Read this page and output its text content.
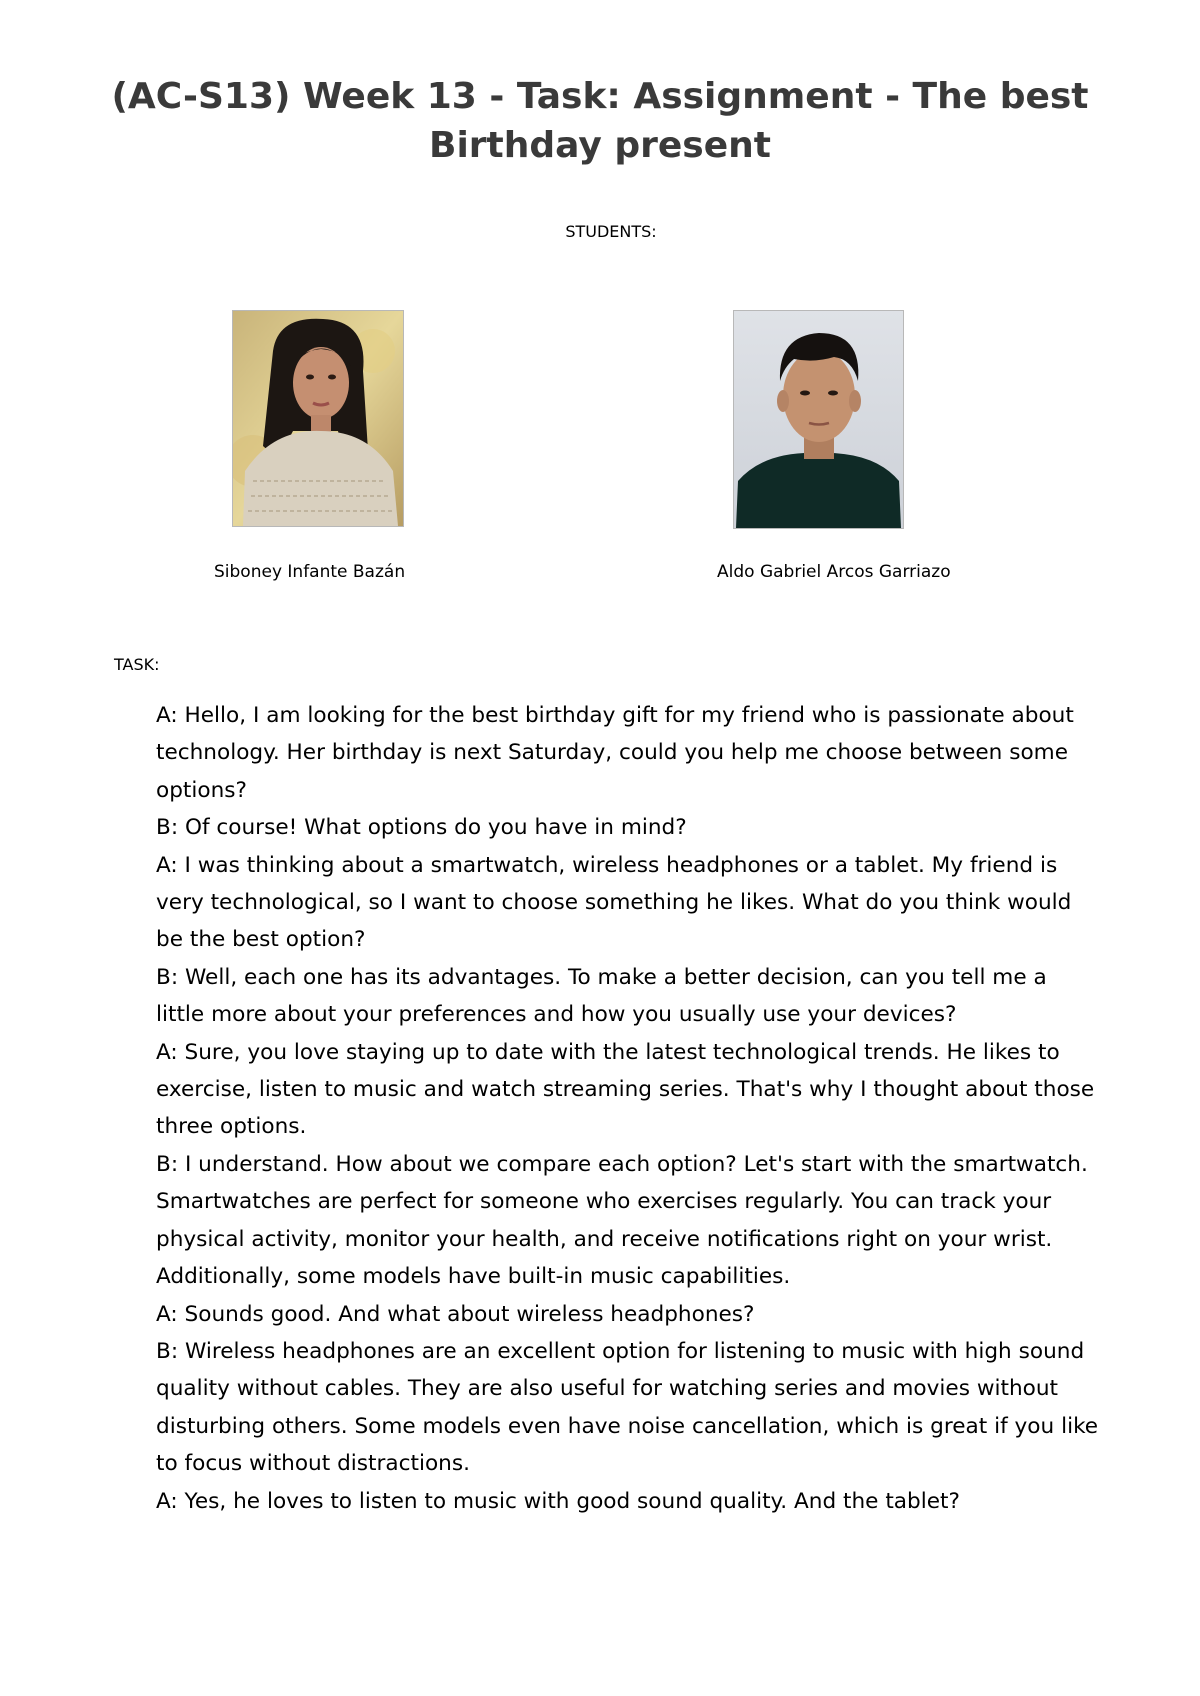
(AC-S13) Week 13 - Task: Assignment - The best Birthday present
STUDENTS:
Siboney Infante Bazán	Aldo Gabriel Arcos Garriazo
TASK:

A: Hello, I am looking for the best birthday gift for my friend who is passionate about technology. Her birthday is next Saturday, could you help me choose between some options?

B: Of course! What options do you have in mind?

A: I was thinking about a smartwatch, wireless headphones or a tablet. My friend is very technological, so I want to choose something he likes. What do you think would be the best option?

B: Well, each one has its advantages. To make a better decision, can you tell me a little more about your preferences and how you usually use your devices?

A: Sure, you love staying up to date with the latest technological trends. He likes to exercise, listen to music and watch streaming series. That's why I thought about those three options.

B: I understand. How about we compare each option? Let's start with the smartwatch. Smartwatches are perfect for someone who exercises regularly. You can track your physical activity, monitor your health, and receive notifications right on your wrist. Additionally, some models have built-in music capabilities.

A: Sounds good. And what about wireless headphones?

B: Wireless headphones are an excellent option for listening to music with high sound quality without cables. They are also useful for watching series and movies without disturbing others. Some models even have noise cancellation, which is great if you like to focus without distractions.

A: Yes, he loves to listen to music with good sound quality. And the tablet?
